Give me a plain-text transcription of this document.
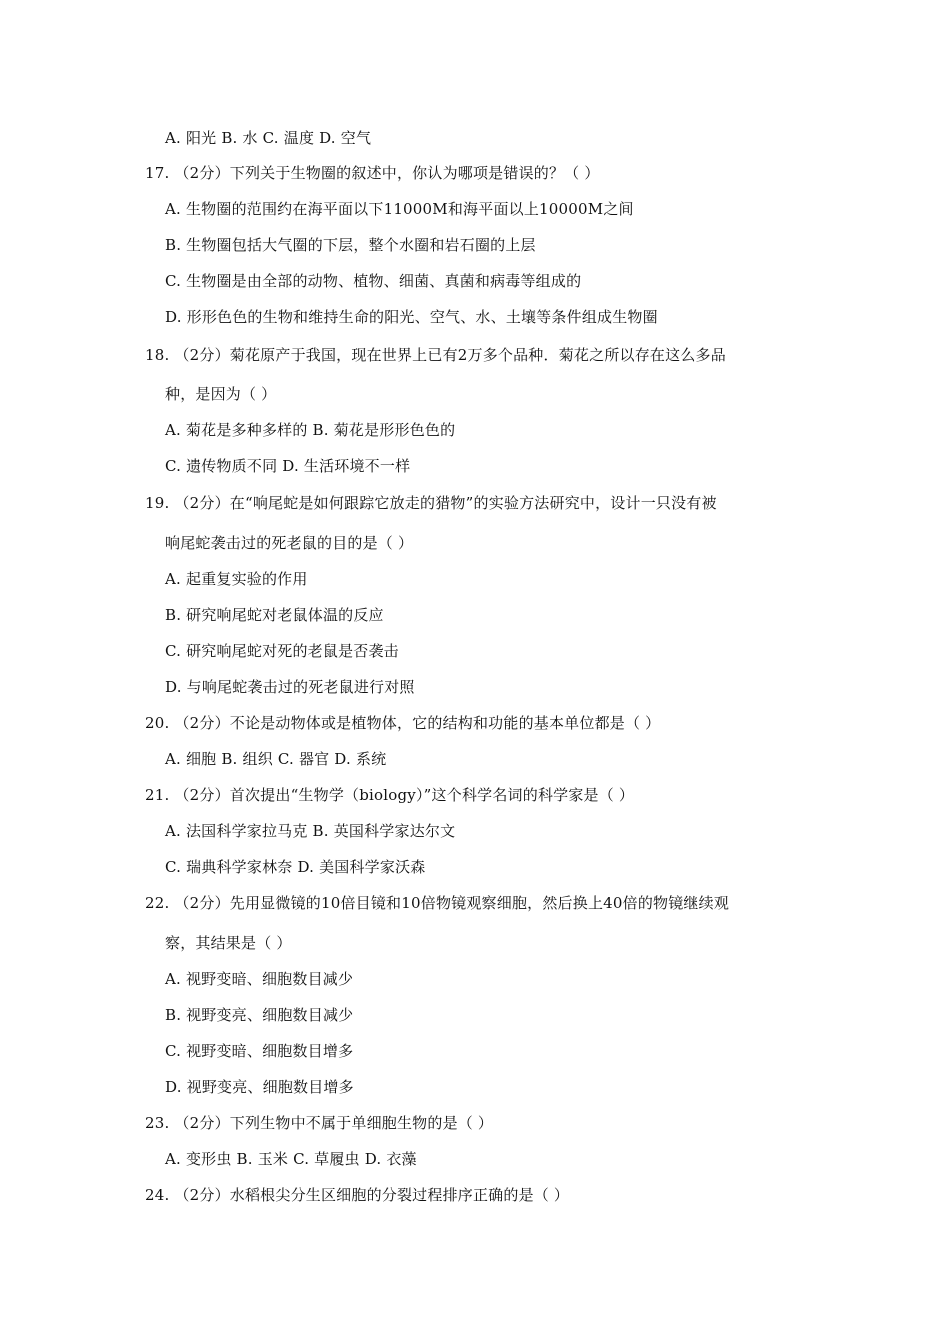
A. 阳光 B. 水 C. 温度 D. 空气
17. （2分）下列关于生物圈的叙述中，你认为哪项是错误的？（ ）
A. 生物圈的范围约在海平面以下11000M和海平面以上10000M之间
B. 生物圈包括大气圈的下层，整个水圈和岩石圈的上层
C. 生物圈是由全部的动物、植物、细菌、真菌和病毒等组成的
D. 形形色色的生物和维持生命的阳光、空气、水、土壤等条件组成生物圈
18. （2分）菊花原产于我国，现在世界上已有2万多个品种．菊花之所以存在这么多品
种，是因为（ ）
A. 菊花是多种多样的 B. 菊花是形形色色的
C. 遗传物质不同 D. 生活环境不一样
19. （2分）在“响尾蛇是如何跟踪它放走的猎物”的实验方法研究中，设计一只没有被
响尾蛇袭击过的死老鼠的目的是（ ）
A. 起重复实验的作用
B. 研究响尾蛇对老鼠体温的反应
C. 研究响尾蛇对死的老鼠是否袭击
D. 与响尾蛇袭击过的死老鼠进行对照
20. （2分）不论是动物体或是植物体，它的结构和功能的基本单位都是（ ）
A. 细胞 B. 组织 C. 器官 D. 系统
21. （2分）首次提出“生物学（biology）”这个科学名词的科学家是（ ）
A. 法国科学家拉马克 B. 英国科学家达尔文
C. 瑞典科学家林奈 D. 美国科学家沃森
22. （2分）先用显微镜的10倍目镜和10倍物镜观察细胞，然后换上40倍的物镜继续观
察，其结果是（ ）
A. 视野变暗、细胞数目减少
B. 视野变亮、细胞数目减少
C. 视野变暗、细胞数目增多
D. 视野变亮、细胞数目增多
23. （2分）下列生物中不属于单细胞生物的是（ ）
A. 变形虫 B. 玉米 C. 草履虫 D. 衣藻
24. （2分）水稻根尖分生区细胞的分裂过程排序正确的是（ ）
